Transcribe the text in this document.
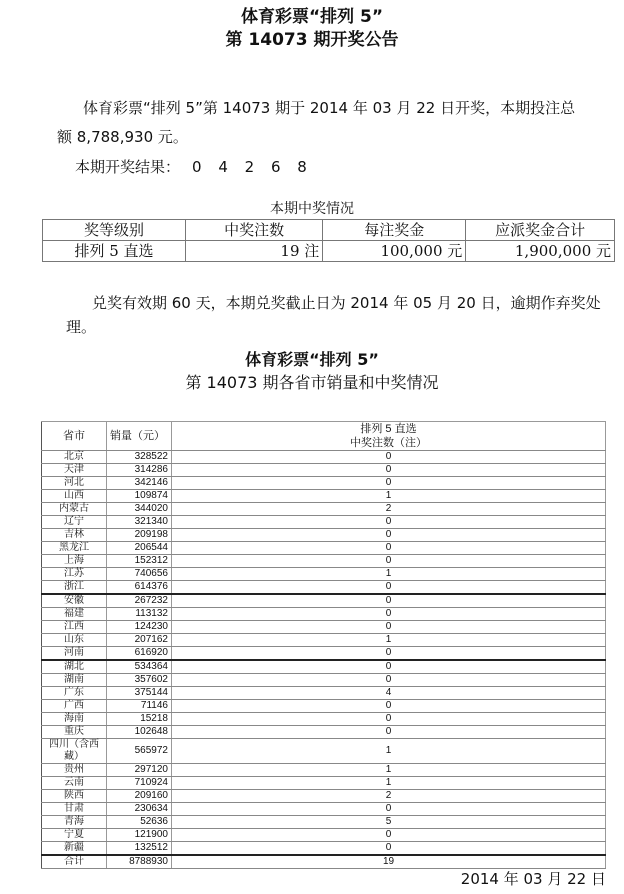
体育彩票“排列 5”
第 14073 期开奖公告
体育彩票“排列 5”第 14073 期于 2014 年 03 月 22 日开奖，本期投注总
额 8,788,930 元。
本期开奖结果： 0 4 2 6 8
本期中奖情况
奖等级别	中奖注数	每注奖金	应派奖金合计
排列 5 直选	19 注	100,000 元	1,900,000 元
兑奖有效期 60 天，本期兑奖截止日为 2014 年 05 月 20 日，逾期作弃奖处
理。
体育彩票“排列 5”
第 14073 期各省市销量和中奖情况
省市	销量（元）	排列 5 直选
中奖注数（注）

北京	328522	0
天津	314286	0
河北	342146	0
山西	109874	1
内蒙古	344020	2
辽宁	321340	0
吉林	209198	0
黑龙江	206544	0
上海	152312	0
江苏	740656	1
浙江	614376	0
安徽	267232	0
福建	113132	0
江西	124230	0
山东	207162	1
河南	616920	0
湖北	534364	0
湖南	357602	0
广东	375144	4
广西	71146	0
海南	15218	0
重庆	102648	0
四川（含西藏）	565972	1
贵州	297120	1
云南	710924	1
陕西	209160	2
甘肃	230634	0
青海	52636	5
宁夏	121900	0
新疆	132512	0
合计	8788930	19
2014 年 03 月 22 日
